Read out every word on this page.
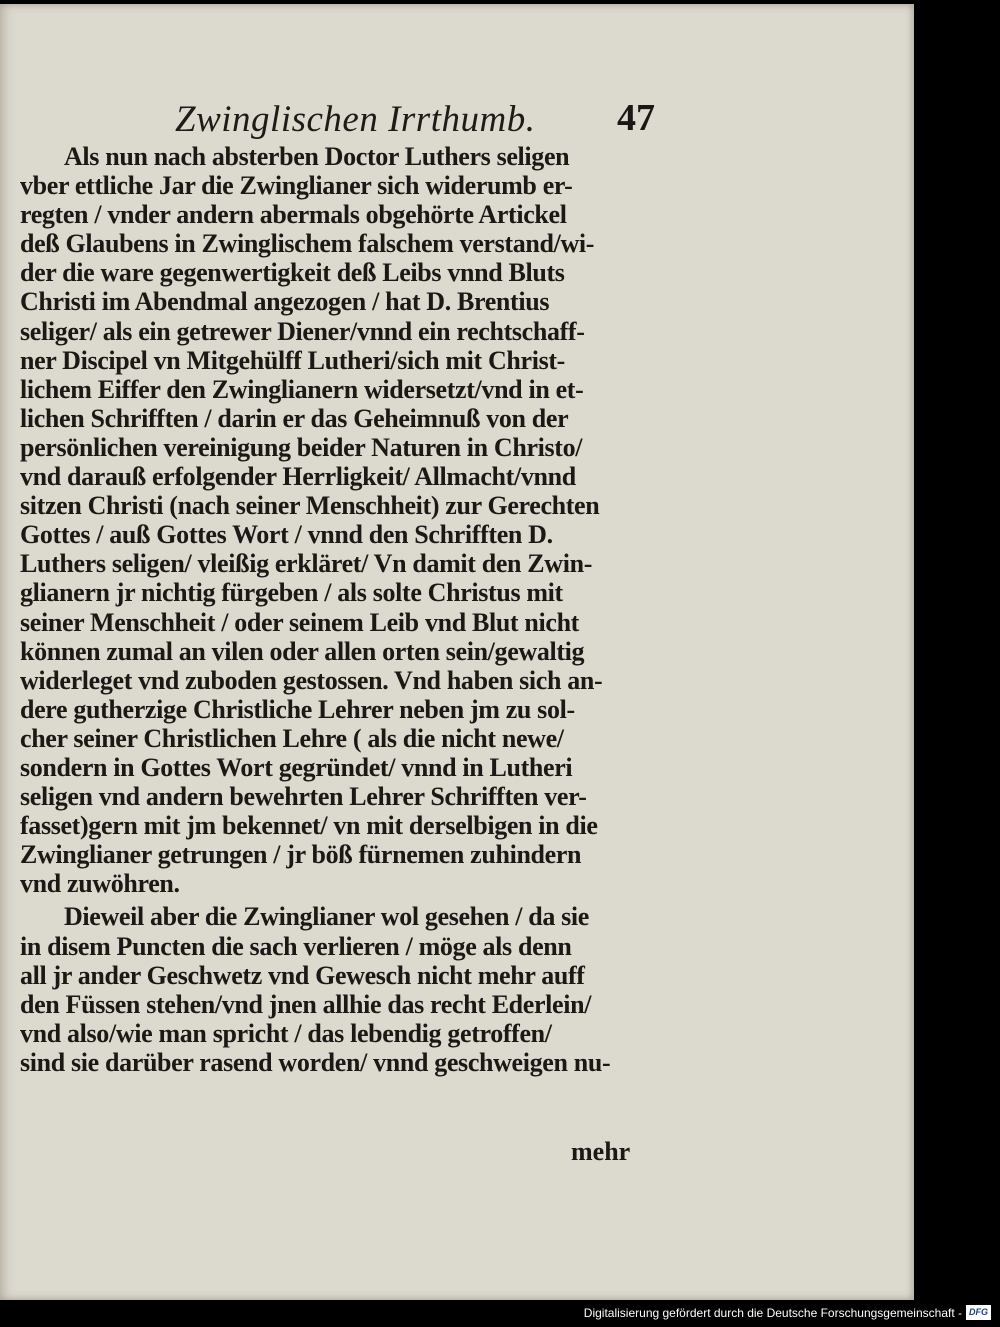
Zwinglischen Irrthumb. 47
Als nun nach absterben Doctor Luthers seligen
vber ettliche Jar die Zwinglianer sich widerumb er-
regten / vnder andern abermals obgehörte Artickel
deß Glaubens in Zwinglischem falschem verstand/wi-
der die ware gegenwertigkeit deß Leibs vnnd Bluts
Christi im Abendmal angezogen / hat D. Brentius
seliger/ als ein getrewer Diener/vnnd ein rechtschaff-
ner Discipel vn Mitgehülff Lutheri/sich mit Christ-
lichem Eiffer den Zwinglianern widersetzt/vnd in et-
lichen Schrifften / darin er das Geheimnuß von der
persönlichen vereinigung beider Naturen in Christo/
vnd darauß erfolgender Herrligkeit/ Allmacht/vnnd
sitzen Christi (nach seiner Menschheit) zur Gerechten
Gottes / auß Gottes Wort / vnnd den Schrifften D.
Luthers seligen/ vleißig erkläret/ Vn damit den Zwin-
glianern jr nichtig fürgeben / als solte Christus mit
seiner Menschheit / oder seinem Leib vnd Blut nicht
können zumal an vilen oder allen orten sein/gewaltig
widerleget vnd zuboden gestossen. Vnd haben sich an-
dere gutherzige Christliche Lehrer neben jm zu sol-
cher seiner Christlichen Lehre ( als die nicht newe/
sondern in Gottes Wort gegründet/ vnnd in Lutheri
seligen vnd andern bewehrten Lehrer Schrifften ver-
fasset)gern mit jm bekennet/ vn mit derselbigen in die
Zwinglianer getrungen / jr böß fürnemen zuhindern
vnd zuwöhren.
Dieweil aber die Zwinglianer wol gesehen / da sie
in disem Puncten die sach verlieren / möge als denn
all jr ander Geschwetz vnd Gewesch nicht mehr auff
den Füssen stehen/vnd jnen allhie das recht Ederlein/
vnd also/wie man spricht / das lebendig getroffen/
sind sie darüber rasend worden/ vnnd geschweigen nu-
mehr
Digitalisierung gefördert durch die Deutsche Forschungsgemeinschaft - DFG
